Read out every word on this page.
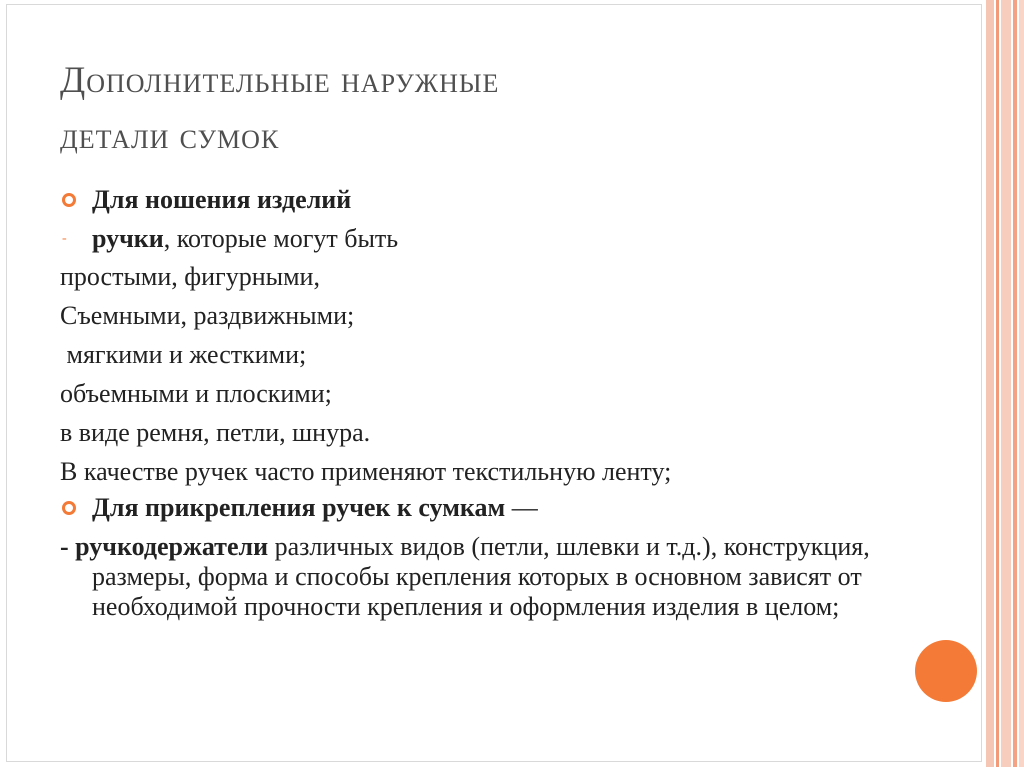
Дополнительные наружные
детали сумок
Для ношения изделий
- ручки, которые могут быть
простыми, фигурными,
Съемными, раздвижными;
мягкими и жесткими;
объемными и плоскими;
в виде ремня, петли, шнура.
В качестве ручек часто применяют текстильную ленту;
Для прикрепления ручек к сумкам —
- ручкодержатели различных видов (петли, шлевки и т.д.), конструкция, размеры, форма и способы крепления которых в основном зависят от необходимой прочности крепления и оформления изделия в целом;
